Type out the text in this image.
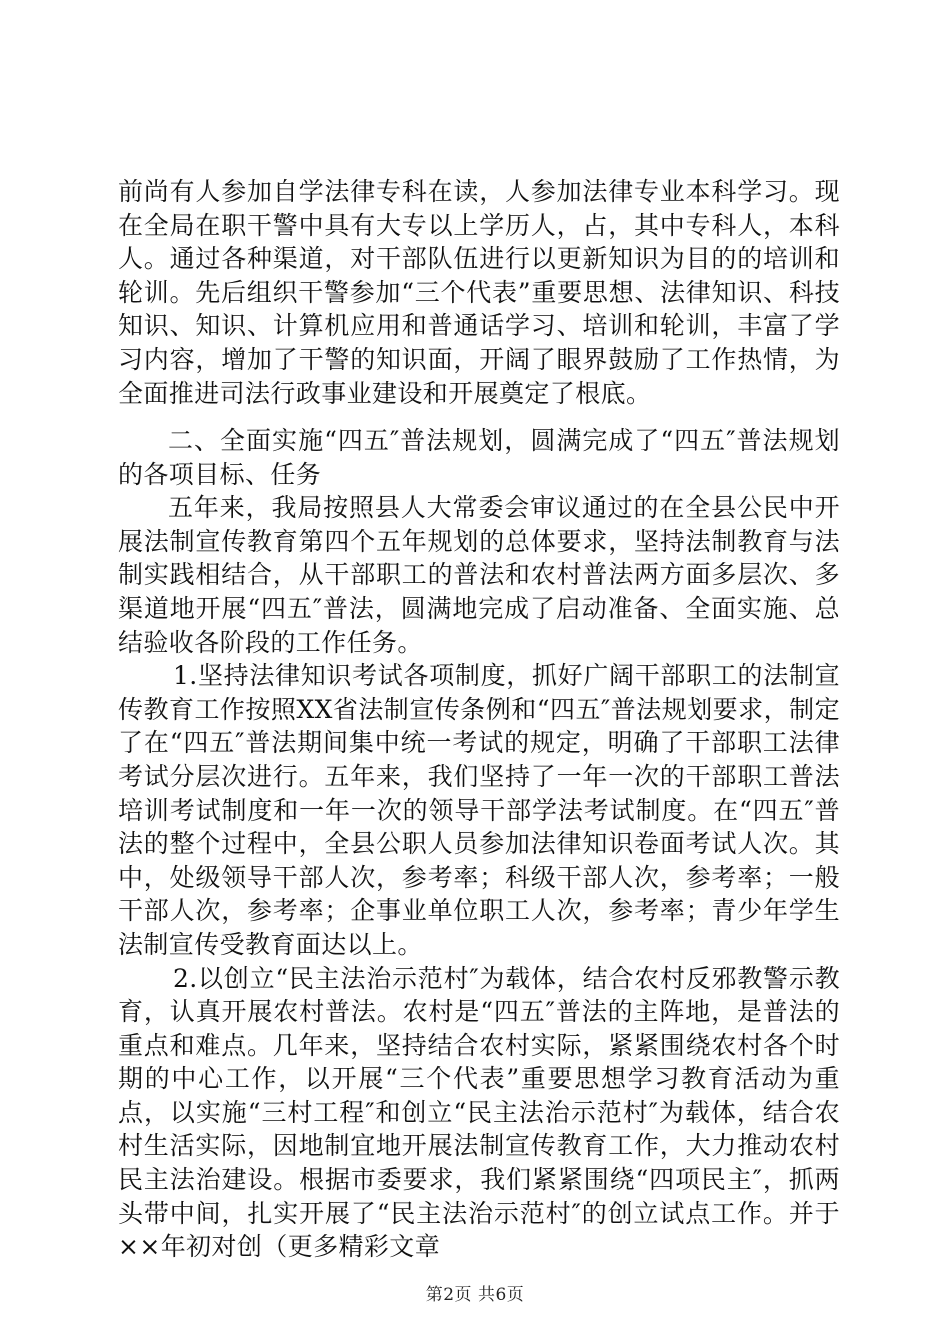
前尚有人参加自学法律专科在读，人参加法律专业本科学习。现在全局在职干警中具有大专以上学历人，占，其中专科人，本科人。通过各种渠道，对干部队伍进行以更新知识为目的的培训和轮训。先后组织干警参加“三个代表”重要思想、法律知识、科技知识、知识、计算机应用和普通话学习、培训和轮训，丰富了学习内容，增加了干警的知识面，开阔了眼界鼓励了工作热情，为全面推进司法行政事业建设和开展奠定了根底。

二、全面实施“四五″普法规划，圆满完成了“四五″普法规划的各项目标、任务

五年来，我局按照县人大常委会审议通过的在全县公民中开展法制宣传教育第四个五年规划的总体要求，坚持法制教育与法制实践相结合，从干部职工的普法和农村普法两方面多层次、多渠道地开展“四五″普法，圆满地完成了启动准备、全面实施、总结验收各阶段的工作任务。

1.坚持法律知识考试各项制度，抓好广阔干部职工的法制宣传教育工作按照XX省法制宣传条例和“四五″普法规划要求，制定了在“四五″普法期间集中统一考试的规定，明确了干部职工法律考试分层次进行。五年来，我们坚持了一年一次的干部职工普法培训考试制度和一年一次的领导干部学法考试制度。在“四五″普法的整个过程中，全县公职人员参加法律知识卷面考试人次。其中，处级领导干部人次，参考率；科级干部人次，参考率；一般干部人次，参考率；企事业单位职工人次，参考率；青少年学生法制宣传受教育面达以上。

2.以创立“民主法治示范村″为载体，结合农村反邪教警示教育，认真开展农村普法。农村是“四五″普法的主阵地，是普法的重点和难点。几年来，坚持结合农村实际，紧紧围绕农村各个时期的中心工作，以开展“三个代表”重要思想学习教育活动为重点，以实施“三村工程″和创立“民主法治示范村″为载体，结合农村生活实际，因地制宜地开展法制宣传教育工作，大力推动农村民主法治建设。根据市委要求，我们紧紧围绕“四项民主″，抓两头带中间，扎实开展了“民主法治示范村″的创立试点工作。并于××年初对创（更多精彩文章

第2页 共6页
